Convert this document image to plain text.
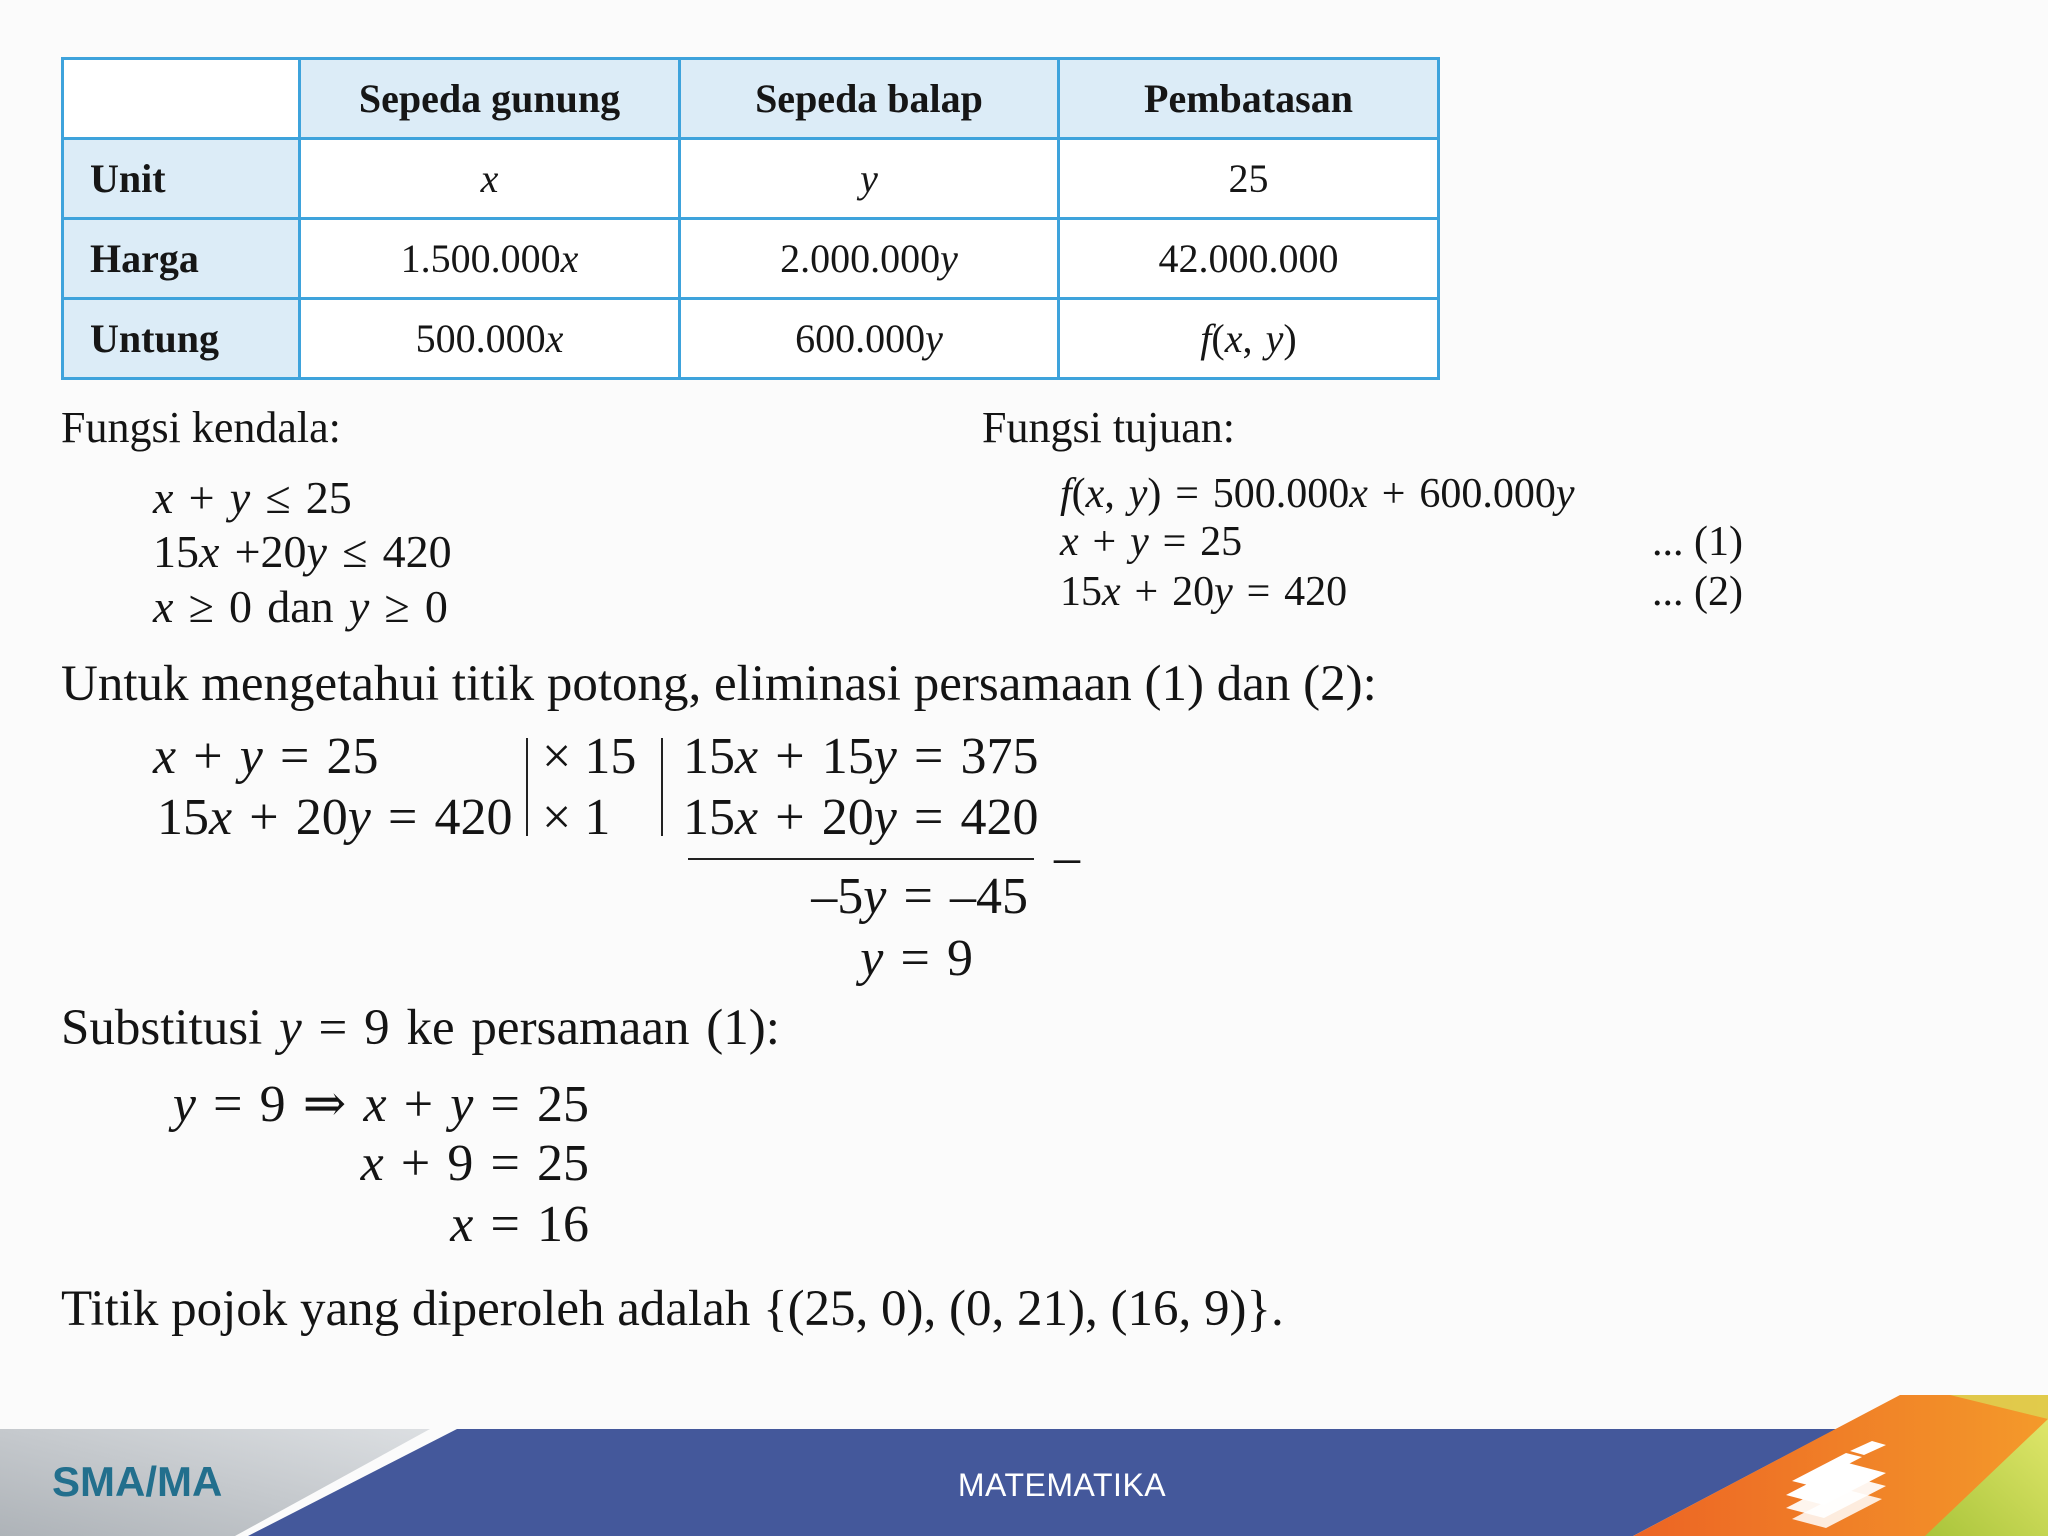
	Sepeda gunung	Sepeda balap	Pembatasan
Unit	x	y	25
Harga	1.500.000x	2.000.000y	42.000.000
Untung	500.000x	600.000y	f(x, y)
Fungsi kendala:
x + y ≤ 25
15x +20y ≤ 420
x ≥ 0 dan y ≥ 0
Fungsi tujuan:
f(x, y) = 500.000x + 600.000y
x + y = 25	... (1)
15x + 20y = 420	... (2)
Untuk mengetahui titik potong, eliminasi persamaan (1) dan (2):
x + y = 25
15x + 20y = 420
× 15
× 1
15x + 15y = 375
15x + 20y = 420
–
–5y = –45
y = 9
Substitusi y = 9 ke persamaan (1):
y = 9 ⇒ x + y = 25
x + 9 = 25
x = 16
Titik pojok yang diperoleh adalah {(25, 0), (0, 21), (16, 9)}.
SMA/MA	MATEMATIKA
